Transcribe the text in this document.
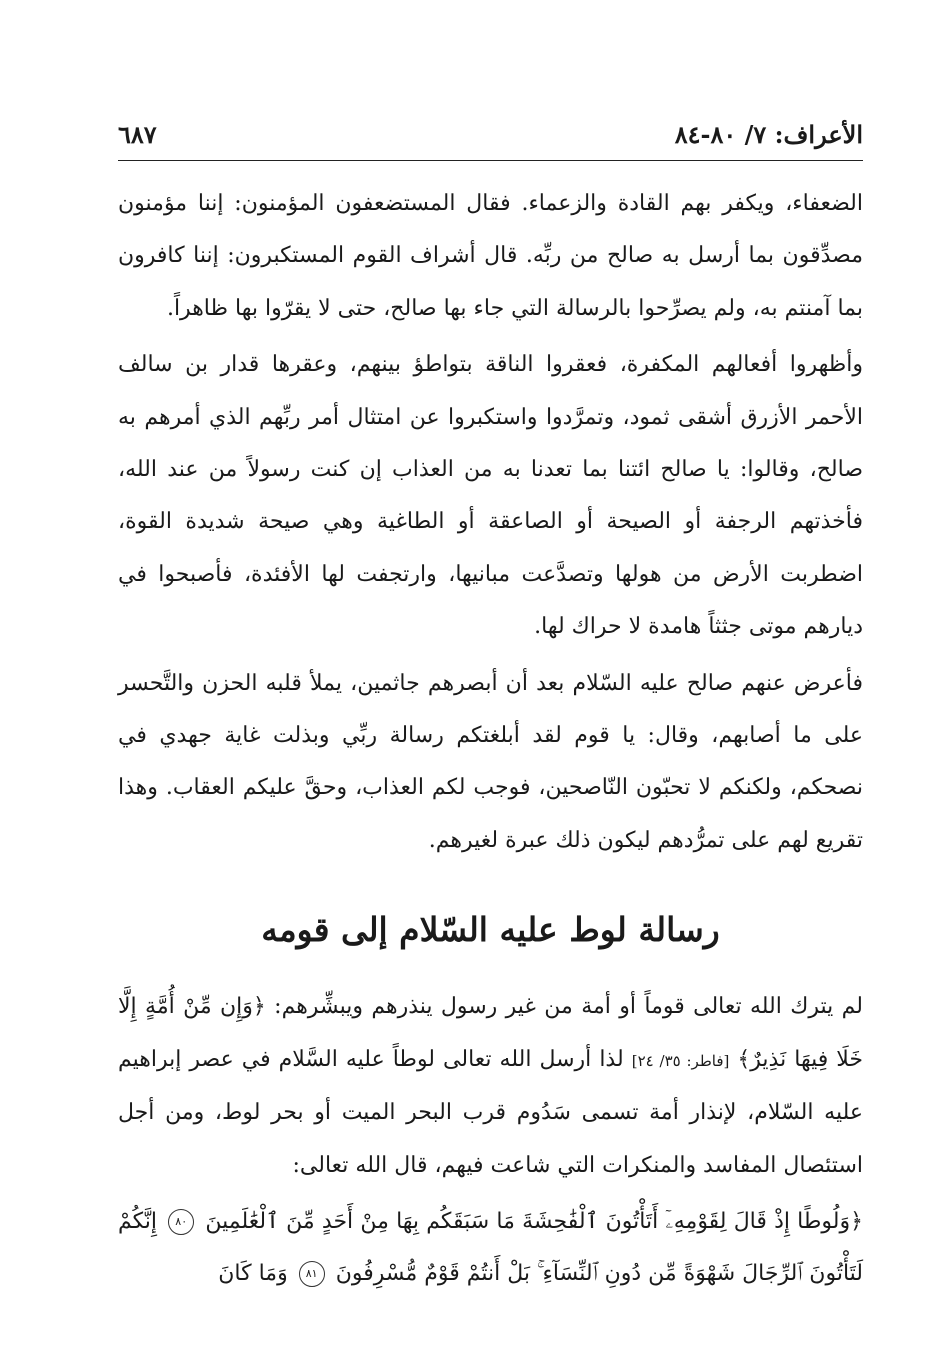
الأعراف: ٧/ ٨٠-٨٤
٦٨٧

الضعفاء، ويكفر بهم القادة والزعماء. فقال المستضعفون المؤمنون: إننا مؤمنون مصدِّقون بما أرسل به صالح من ربِّه. قال أشراف القوم المستكبرون: إننا كافرون بما آمنتم به، ولم يصرِّحوا بالرسالة التي جاء بها صالح، حتى لا يقرّوا بها ظاهراً.

وأظهروا أفعالهم المكفرة، فعقروا الناقة بتواطؤ بينهم، وعقرها قدار بن سالف الأحمر الأزرق أشقى ثمود، وتمرَّدوا واستكبروا عن امتثال أمر ربِّهم الذي أمرهم به صالح، وقالوا: يا صالح ائتنا بما تعدنا به من العذاب إن كنت رسولاً من عند الله، فأخذتهم الرجفة أو الصيحة أو الصاعقة أو الطاغية وهي صيحة شديدة القوة، اضطربت الأرض من هولها وتصدَّعت مبانيها، وارتجفت لها الأفئدة، فأصبحوا في ديارهم موتى جثثاً هامدة لا حراك لها.

فأعرض عنهم صالح عليه السّلام بعد أن أبصرهم جاثمين، يملأ قلبه الحزن والتَّحسر على ما أصابهم، وقال: يا قوم لقد أبلغتكم رسالة ربِّي وبذلت غاية جهدي في نصحكم، ولكنكم لا تحبّون النّاصحين، فوجب لكم العذاب، وحقَّ عليكم العقاب. وهذا تقريع لهم على تمرُّدهم ليكون ذلك عبرة لغيرهم.

رسالة لوط عليه السّلام إلى قومه

لم يترك الله تعالى قوماً أو أمة من غير رسول ينذرهم ويبشِّرهم: ﴿وَإِن مِّنْ أُمَّةٍ إِلَّا خَلَا فِيهَا نَذِيرٌ﴾ [فاطر: ٣٥/ ٢٤] لذا أرسل الله تعالى لوطاً عليه السَّلام في عصر إبراهيم عليه السّلام، لإنذار أمة تسمى سَدُوم قرب البحر الميت أو بحر لوط، ومن أجل استئصال المفاسد والمنكرات التي شاعت فيهم، قال الله تعالى:

﴿وَلُوطًا إِذْ قَالَ لِقَوْمِهِۦٓ أَتَأْتُونَ ٱلْفَٰحِشَةَ مَا سَبَقَكُم بِهَا مِنْ أَحَدٍ مِّنَ ٱلْعَٰلَمِينَ ٨٠ إِنَّكُمْ لَتَأْتُونَ ٱلرِّجَالَ شَهْوَةً مِّن دُونِ ٱلنِّسَآءِ ۚ بَلْ أَنتُمْ قَوْمٌ مُّسْرِفُونَ ٨١ وَمَا كَانَ
